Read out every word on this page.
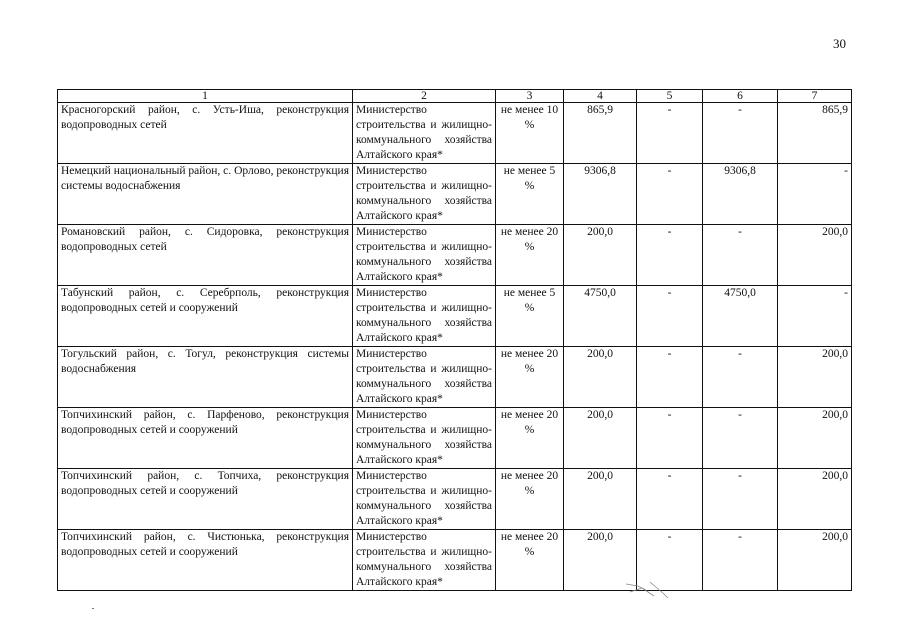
30
1	2	3	4	5	6	7
Красногорский район, с. Усть-Иша, реконструкция водопроводных сетей	Министерство строительства и жилищно-коммунального хозяйства Алтайского края*	не менее 10 %	865,9	-	-	865,9
Немецкий национальный район, с. Орлово, реконструкция системы водоснабжения	Министерство строительства и жилищно-коммунального хозяйства Алтайского края*	не менее 5 %	9306,8	-	9306,8	-
Романовский район, с. Сидоровка, реконструкция водопроводных сетей	Министерство строительства и жилищно-коммунального хозяйства Алтайского края*	не менее 20 %	200,0	-	-	200,0
Табунский район, с. Серебрполь, реконструкция водопроводных сетей и сооружений	Министерство строительства и жилищно-коммунального хозяйства Алтайского края*	не менее 5 %	4750,0	-	4750,0	-
Тогульский район, с. Тогул, реконструкция системы водоснабжения	Министерство строительства и жилищно-коммунального хозяйства Алтайского края*	не менее 20 %	200,0	-	-	200,0
Топчихинский район, с. Парфеново, реконструкция водопроводных сетей и сооружений	Министерство строительства и жилищно-коммунального хозяйства Алтайского края*	не менее 20 %	200,0	-	-	200,0
Топчихинский район, с. Топчиха, реконструкция водопроводных сетей и сооружений	Министерство строительства и жилищно-коммунального хозяйства Алтайского края*	не менее 20 %	200,0	-	-	200,0
Топчихинский район, с. Чистюнька, реконструкция водопроводных сетей и сооружений	Министерство строительства и жилищно-коммунального хозяйства Алтайского края*	не менее 20 %	200,0	-	-	200,0
